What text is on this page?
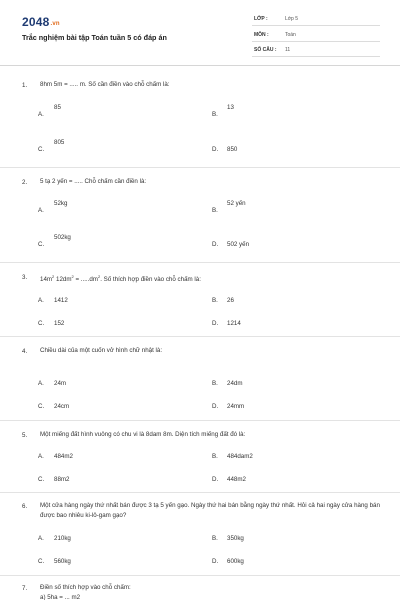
2048.vn
Trắc nghiệm bài tập Toán tuần 5 có đáp án
LỚP :	Lớp 5
MÔN :	Toán
SỐ CÂU : 11
1. 8hm 5m = ..... m. Số cần điền vào chỗ chấm là:
A.
85
B.
13
C.
805
D. 850
2. 5 tạ 2 yến = ..... Chỗ chấm cần điền là:
A.
52kg
B.
52 yến
C.
502kg
D. 502 yến
3. $14m^2$ $12dm^2 = .....dm^2$. Số thích hợp điền vào chỗ chấm là:
A. 1412	B. 26
C. 152	D. 1214
4. Chiều dài của một cuốn vở hình chữ nhật là:
A. 24m	B. 24dm
C. 24cm	D. 24mm
5. Một miếng đất hình vuông có chu vi là 8dam 8m. Diện tích miếng đất đó là:
A. 484m2	B. 484dam2
C. 88m2	D. 448m2
6. Một cửa hàng ngày thứ nhất bán được 3 tạ 5 yến gạo. Ngày thứ hai bán bằng ngày thứ nhất. Hỏi cả hai ngày cửa hàng bán được bao nhiêu ki-lô-gam gạo?
A. 210kg	B. 350kg
C. 560kg	D. 600kg
7. Điền số thích hợp vào chỗ chấm:
a) 5ha = ... m2
